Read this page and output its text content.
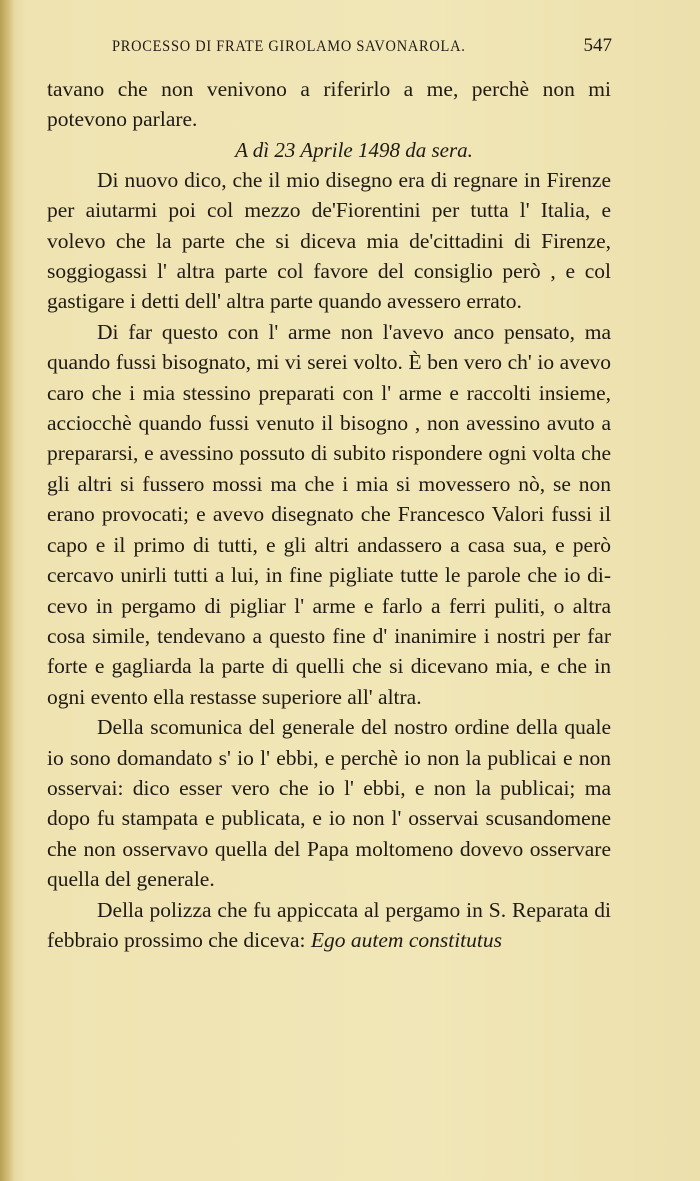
PROCESSO DI FRATE GIROLAMO SAVONAROLA.	547

tavano che non venivono a riferirlo a me, perchè non mi potevono parlare.

A dì 23 Aprile 1498 da sera.

Di nuovo dico, che il mio disegno era di regnare in Firenze per aiutarmi poi col mezzo de'Fiorentini per tutta l' Italia, e volevo che la parte che si diceva mia de'cittadini di Firenze, soggiogassi l' altra parte col favore del consiglio però , e col gastigare i detti dell' altra parte quando avessero errato.

Di far questo con l' arme non l'avevo anco pensato, ma quando fussi bisognato, mi vi serei volto. È ben vero ch' io avevo caro che i mia stessino preparati con l' arme e raccolti insieme, acciocchè quando fussi venuto il bisogno , non avessino avuto a prepararsi, e avessino possuto di subito rispondere ogni volta che gli altri si fussero mossi ma che i mia si movessero nò, se non erano provocati; e avevo disegnato che Francesco Valori fussi il capo e il primo di tutti, e gli altri andassero a casa sua, e però cercavo unirli tutti a lui, in fine pigliate tutte le parole che io dicevo in pergamo di pigliar l' arme e farlo a ferri puliti, o altra cosa simile, tendevano a questo fine d' inanimire i nostri per far forte e gagliarda la parte di quelli che si dicevano mia, e che in ogni evento ella restasse superiore all' altra.

Della scomunica del generale del nostro ordine della quale io sono domandato s' io l' ebbi, e perchè io non la publicai e non osservai: dico esser vero che io l' ebbi, e non la publicai; ma dopo fu stampata e publicata, e io non l' osservai scusandomene che non osservavo quella del Papa moltomeno dovevo osservare quella del generale.

Della polizza che fu appiccata al pergamo in S. Reparata di febbraio prossimo che diceva: Ego autem constitutus
